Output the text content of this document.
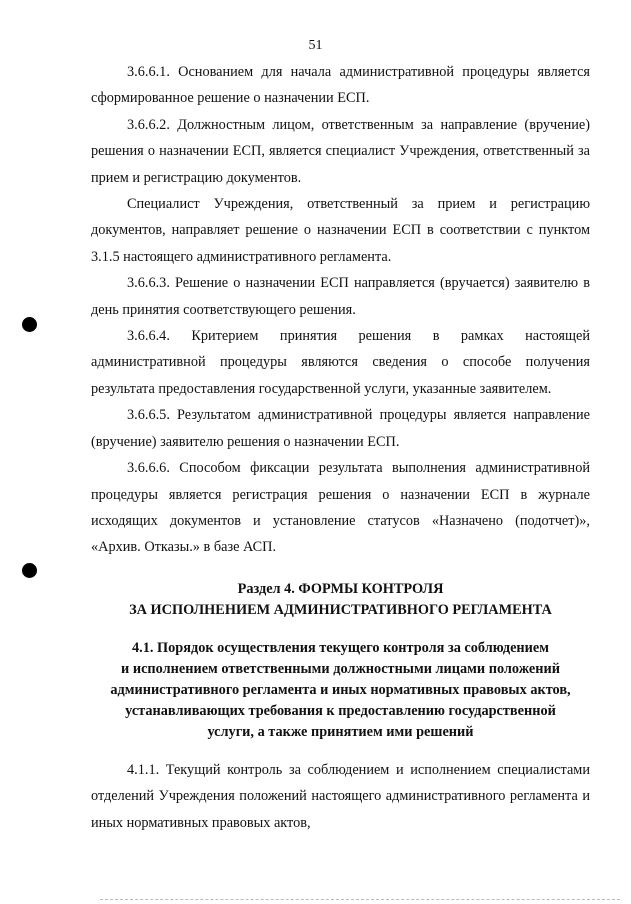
51

3.6.6.1. Основанием для начала административной процедуры является сформированное решение о назначении ЕСП.

3.6.6.2. Должностным лицом, ответственным за направление (вручение) решения о назначении ЕСП, является специалист Учреждения, ответственный за прием и регистрацию документов.

Специалист Учреждения, ответственный за прием и регистрацию документов, направляет решение о назначении ЕСП в соответствии с пунктом 3.1.5 настоящего административного регламента.

3.6.6.3. Решение о назначении ЕСП направляется (вручается) заявителю в день принятия соответствующего решения.

3.6.6.4. Критерием принятия решения в рамках настоящей административной процедуры являются сведения о способе получения результата предоставления государственной услуги, указанные заявителем.

3.6.6.5. Результатом административной процедуры является направление (вручение) заявителю решения о назначении ЕСП.

3.6.6.6. Способом фиксации результата выполнения административной процедуры является регистрация решения о назначении ЕСП в журнале исходящих документов и установление статусов «Назначено (подотчет)», «Архив. Отказы.» в базе АСП.

Раздел 4. ФОРМЫ КОНТРОЛЯ
ЗА ИСПОЛНЕНИЕМ АДМИНИСТРАТИВНОГО РЕГЛАМЕНТА
4.1. Порядок осуществления текущего контроля за соблюдением
и исполнением ответственными должностными лицами положений
административного регламента и иных нормативных правовых актов,
устанавливающих требования к предоставлению государственной
услуги, а также принятием ими решений

4.1.1. Текущий контроль за соблюдением и исполнением специалистами отделений Учреждения положений настоящего административного регламента и иных нормативных правовых актов,
